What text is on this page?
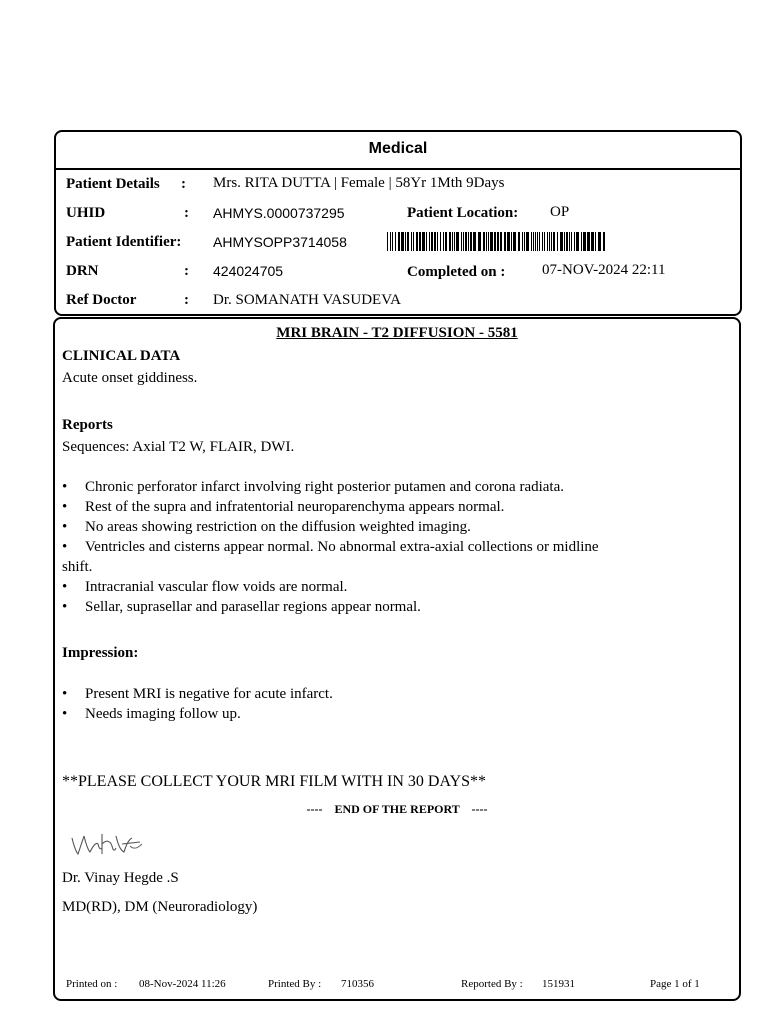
Medical
Patient Details : Mrs. RITA DUTTA | Female | 58Yr 1Mth 9Days
UHID	: AHMYS.0000737295	Patient Location: OP
Patient Identifier: AHMYSOPP3714058
DRN	: 424024705	Completed on : 07-NOV-2024 22:11
Ref Doctor	: Dr. SOMANATH VASUDEVA
MRI BRAIN - T2 DIFFUSION - 5581
CLINICAL DATA
Acute onset giddiness.
Reports
Sequences: Axial T2 W, FLAIR, DWI.
• Chronic perforator infarct involving right posterior putamen and corona radiata.
• Rest of the supra and infratentorial neuroparenchyma appears normal.
• No areas showing restriction on the diffusion weighted imaging.
• Ventricles and cisterns appear normal. No abnormal extra-axial collections or midline
shift.
• Intracranial vascular flow voids are normal.
• Sellar, suprasellar and parasellar regions appear normal.
Impression:
• Present MRI is negative for acute infarct.
• Needs imaging follow up.
**PLEASE COLLECT YOUR MRI FILM WITH IN 30 DAYS**
----    END OF THE REPORT    ----
Dr. Vinay Hegde .S
MD(RD), DM (Neuroradiology)
Printed on : 08-Nov-2024 11:26	Printed By : 710356	Reported By : 151931	Page 1 of 1
